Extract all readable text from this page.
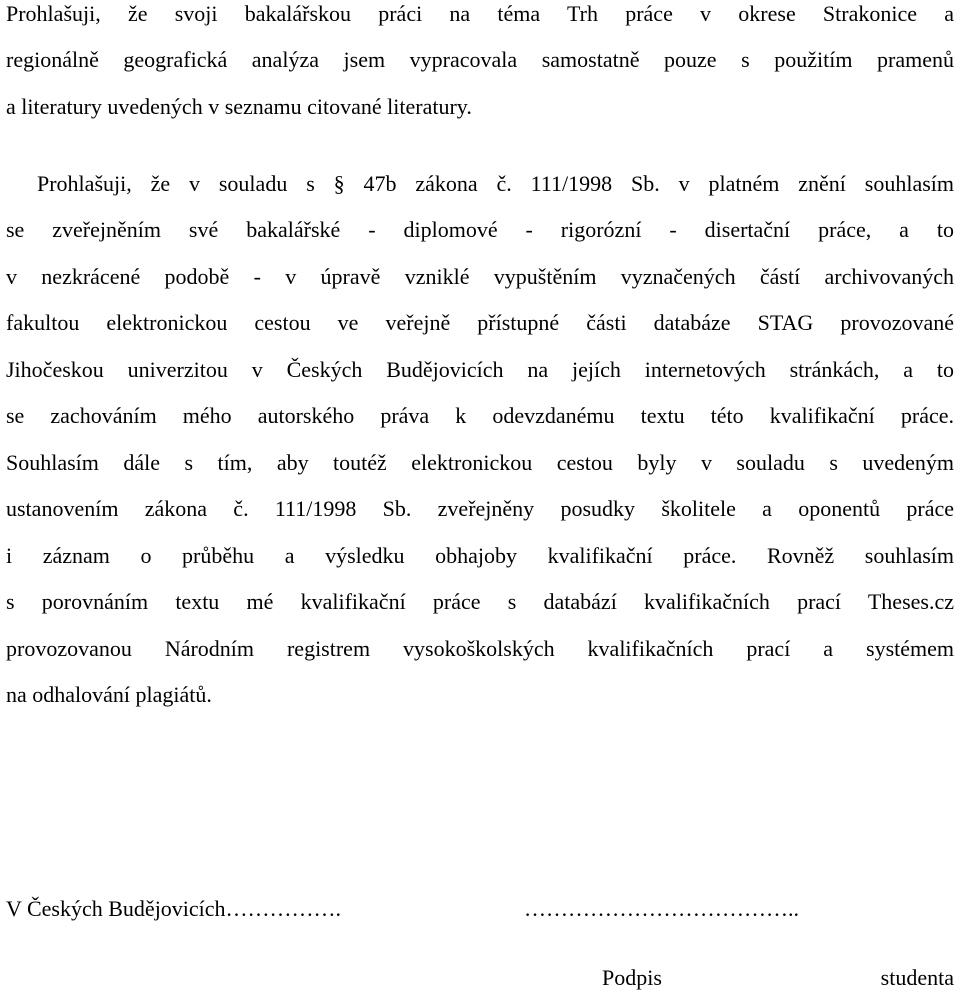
Prohlašuji, že svoji bakalářskou práci na téma Trh práce v okrese Strakonice a
regionálně geografická analýza jsem vypracovala samostatně pouze s použitím pramenů
a literatury uvedených v seznamu citované literatury.
Prohlašuji, že v souladu s § 47b zákona č. 111/1998 Sb. v platném znění souhlasím
se zveřejněním své bakalářské - diplomové - rigorózní - disertační práce, a to
v nezkrácené podobě - v úpravě vzniklé vypuštěním vyznačených částí archivovaných
fakultou elektronickou cestou ve veřejně přístupné části databáze STAG provozované
Jihočeskou univerzitou v Českých Budějovicích na jejích internetových stránkách, a to
se zachováním mého autorského práva k odevzdanému textu této kvalifikační práce.
Souhlasím dále s tím, aby toutéž elektronickou cestou byly v souladu s uvedeným
ustanovením zákona č. 111/1998 Sb. zveřejněny posudky školitele a oponentů práce
i záznam o průběhu a výsledku obhajoby kvalifikační práce. Rovněž souhlasím
s porovnáním textu mé kvalifikační práce s databází kvalifikačních prací Theses.cz
provozovanou Národním registrem vysokoškolských kvalifikačních prací a systémem
na odhalování plagiátů.
V Českých Budějovicích…………….	………………………………..
Podpis studenta
